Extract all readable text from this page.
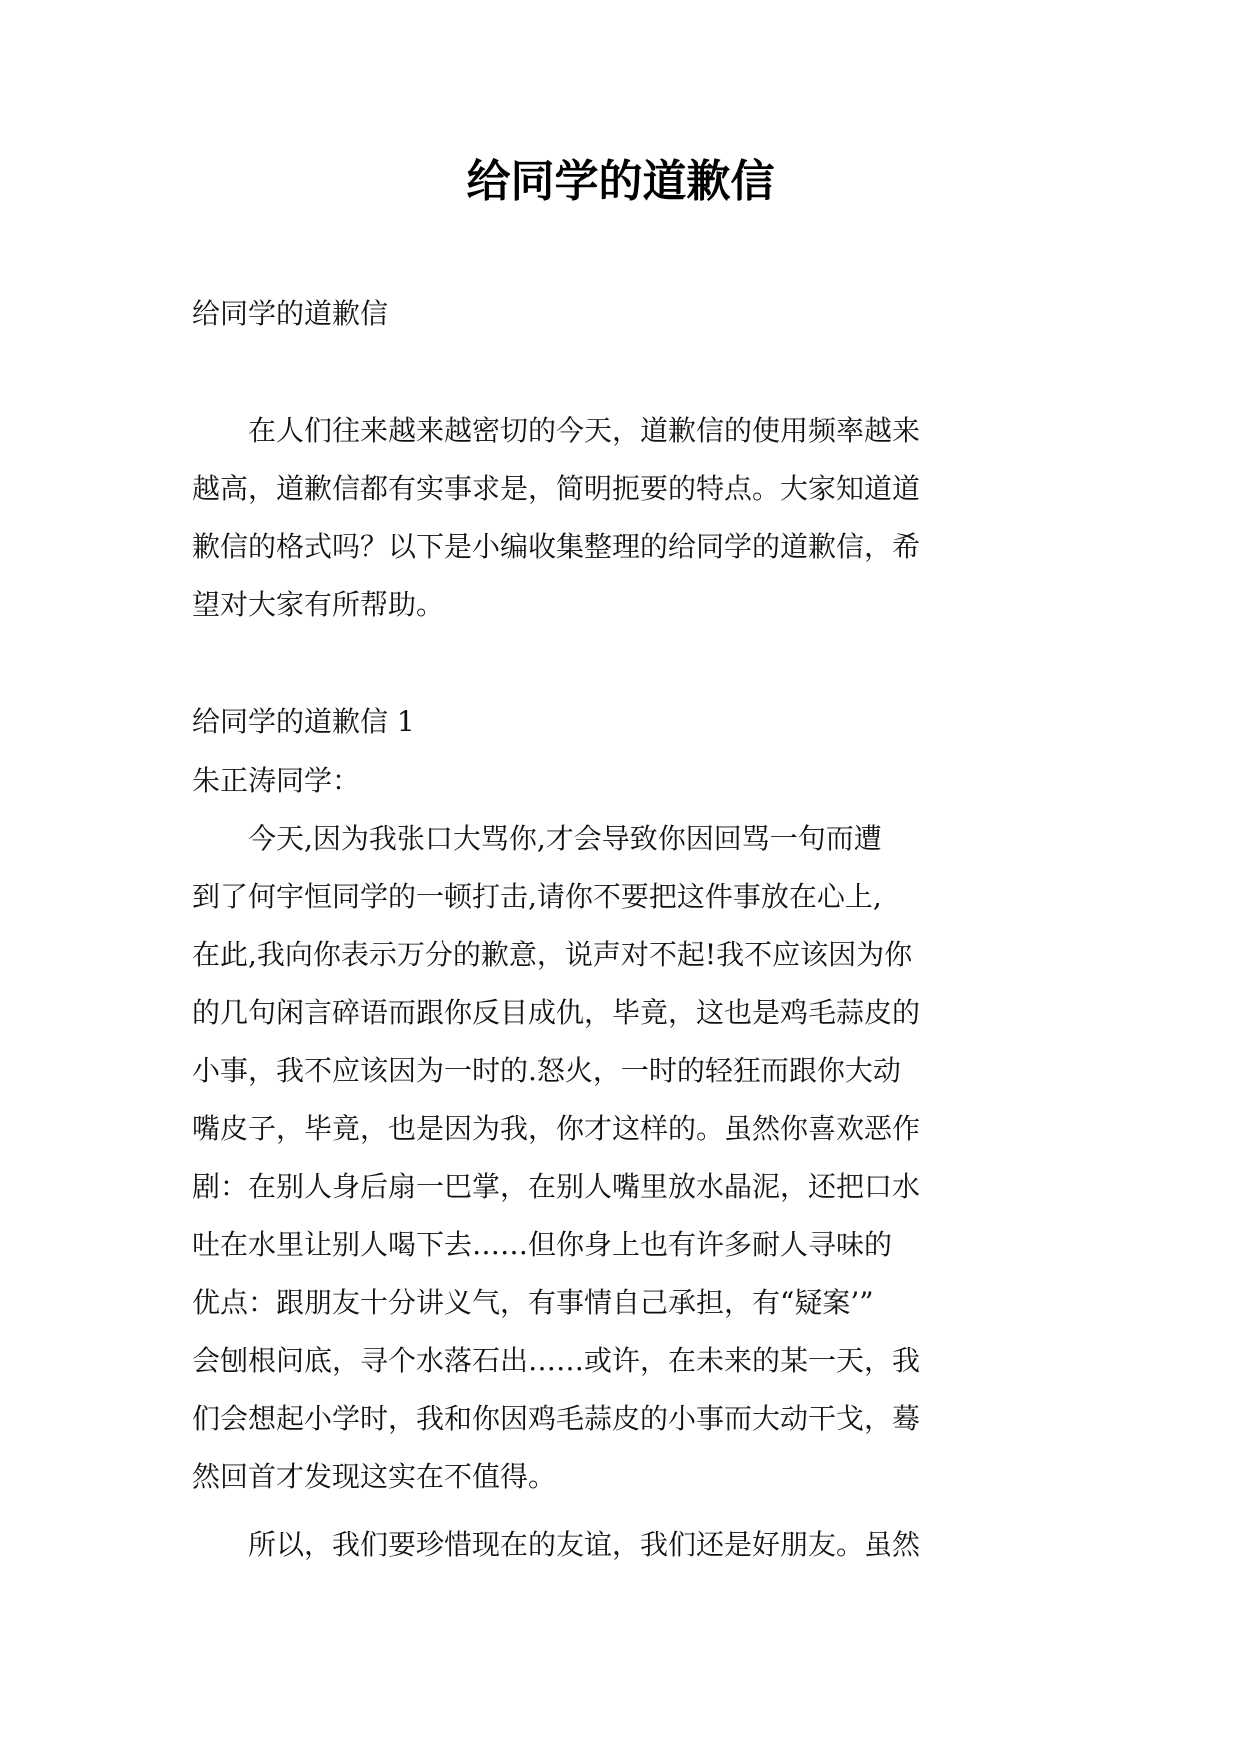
给同学的道歉信
给同学的道歉信
　　在人们往来越来越密切的今天，道歉信的使用频率越来
越高，道歉信都有实事求是，简明扼要的特点。大家知道道
歉信的格式吗？以下是小编收集整理的给同学的道歉信，希
望对大家有所帮助。
给同学的道歉信 1
朱正涛同学：
　　今天,因为我张口大骂你,才会导致你因回骂一句而遭
到了何宇恒同学的一顿打击,请你不要把这件事放在心上,
在此,我向你表示万分的歉意，说声对不起!我不应该因为你
的几句闲言碎语而跟你反目成仇，毕竟，这也是鸡毛蒜皮的
小事，我不应该因为一时的.怒火，一时的轻狂而跟你大动
嘴皮子，毕竟，也是因为我，你才这样的。虽然你喜欢恶作
剧：在别人身后扇一巴掌，在别人嘴里放水晶泥，还把口水
吐在水里让别人喝下去……但你身上也有许多耐人寻味的
优点：跟朋友十分讲义气，有事情自己承担，有“疑案’”
会刨根问底，寻个水落石出……或许，在未来的某一天，我
们会想起小学时，我和你因鸡毛蒜皮的小事而大动干戈，蓦
然回首才发现这实在不值得。
　　所以，我们要珍惜现在的友谊，我们还是好朋友。虽然
